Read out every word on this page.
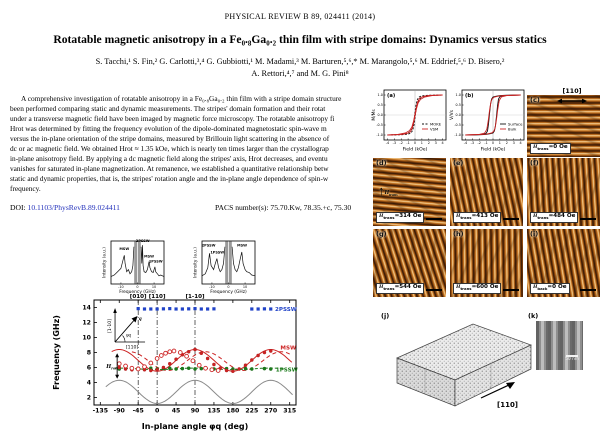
PHYSICAL REVIEW B 89, 024411 (2014)
Rotatable magnetic anisotropy in a Fe₀.₈Ga₀.₂ thin film with stripe domains: Dynamics versus statics
S. Tacchi,¹ S. Fin,² G. Carlotti,³,⁴ G. Gubbiotti,¹ M. Madami,³ M. Barturen,⁵,⁶,* M. Marangolo,⁵,⁶ M. Eddrief,⁵,⁶ D. Bisero,²
A. Rettori,⁴,⁷ and M. G. Pini⁸
A comprehensive investigation of rotatable anisotropy in a Fe₀.₈Ga₀.₂ thin film with a stripe domain structure
been performed comparing static and dynamic measurements. The stripes' domain formation and their rotat
under a transverse magnetic field have been imaged by magnetic force microscopy. The rotatable anisotropy fi
Hrot was determined by fitting the frequency evolution of the dipole-dominated magnetostatic spin-wave m
versus the in-plane orientation of the stripe domains, measured by Brillouin light scattering in the absence of
dc or ac magnetic field. We obtained Hrot ≈ 1.35 kOe, which is nearly ten times larger than the crystallograp
in-plane anisotropy field. By applying a dc magnetic field along the stripes' axis, Hrot decreases, and eventu
vanishes for saturated in-plane magnetization. At remanence, we established a quantitative relationship betw
static and dynamic properties, that is, the stripes' rotation angle and the in-plane angle dependence of spin-w
frequency.
DOI: 10.1103/PhysRevB.89.024411	PACS number(s): 75.70.Kw, 78.35.+c, 75.30
-4 -3 -2 -1 0 1 2 3 4
-1.0
-0.5
0.0
0.5
1.0
Field (kOe)
M/Ms
(a)
MOKE
VSM
-4 -3 -2 -1 0 1 2 3 4
-1.0
-0.5
0.0
0.5
1.0
Field (kOe)
V/Vs
(b)
Surface
Bulk
[110]
(c)
$H_{trans}=0$ Oe
(d)
↑ $H_{trans}$
$H_{trans}=314$ Oe
(e)
$H_{trans}=413$ Oe
(f)
$H_{trans}=484$ Oe
(g)
$H_{trans}=544$ Oe
(h)
$H_{trans}=600$ Oe
(i)
$H_{back}=0$ Oe
(j)
[110]
(k)
50 nm
-10	0	10
Frequency (GHz)
Intensity (a.u.)	MSW
2PSSW
MSW
1PSSW
-10	0	10
Frequency (GHz)
Intensity (a.u.)
2PSSW
1PSSW
MSW
[010] [110]	[1-10]
-135 -90 -45 0 45 90 135 180 225 270 315
2
4
6
8
10
12
14
In-plane angle φq (deg)
Frequency (GHz)
2PSSW
MSW
1PSSW
$H_{rot}$
[1-10]
[110]
q
φq
